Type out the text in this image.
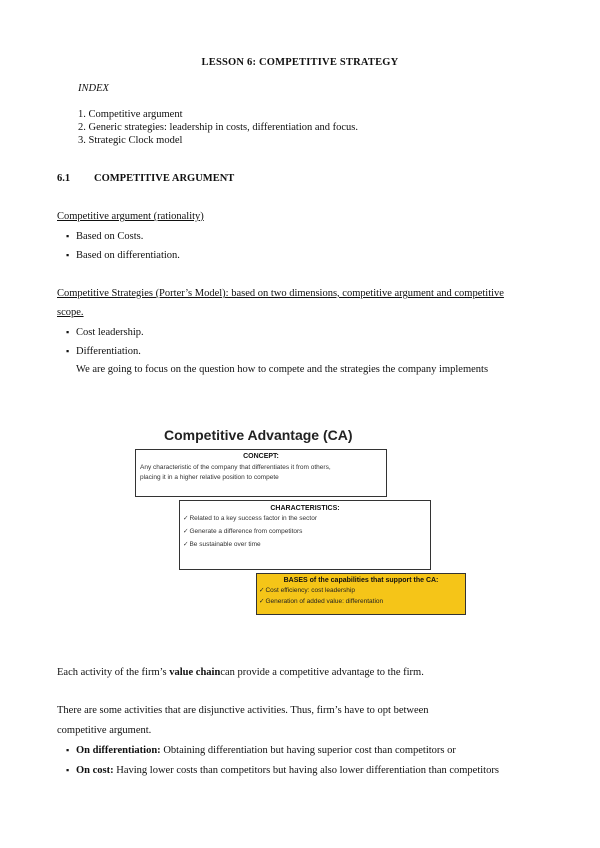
LESSON 6: COMPETITIVE STRATEGY
INDEX
1. Competitive argument
2. Generic strategies: leadership in costs, differentiation and focus.
3. Strategic Clock model
6.1 COMPETITIVE ARGUMENT
Competitive argument (rationality)
▪ Based on Costs.
▪ Based on differentiation.
Competitive Strategies (Porter’s Model): based on two dimensions, competitive argument and competitive
scope.
▪ Cost leadership.
▪ Differentiation.
We are going to focus on the question how to compete and the strategies the company implements
Competitive Advantage (CA)
CONCEPT:
Any characteristic of the company that differentiates it from others,
placing it in a higher relative position to compete
CHARACTERISTICS:
✓Related to a key success factor in the sector
✓Generate a difference from competitors
✓Be sustainable over time
BASES of the capabilities that support the CA:
✓Cost efficiency: cost leadership
✓Generation of added value: differentation
Each activity of the firm’s value chaincan provide a competitive advantage to the firm.
There are some activities that are disjunctive activities. Thus, firm’s have to opt between
competitive argument.
▪ On differentiation: Obtaining differentiation but having superior cost than competitors or
▪ On cost: Having lower costs than competitors but having also lower differentiation than competitors
